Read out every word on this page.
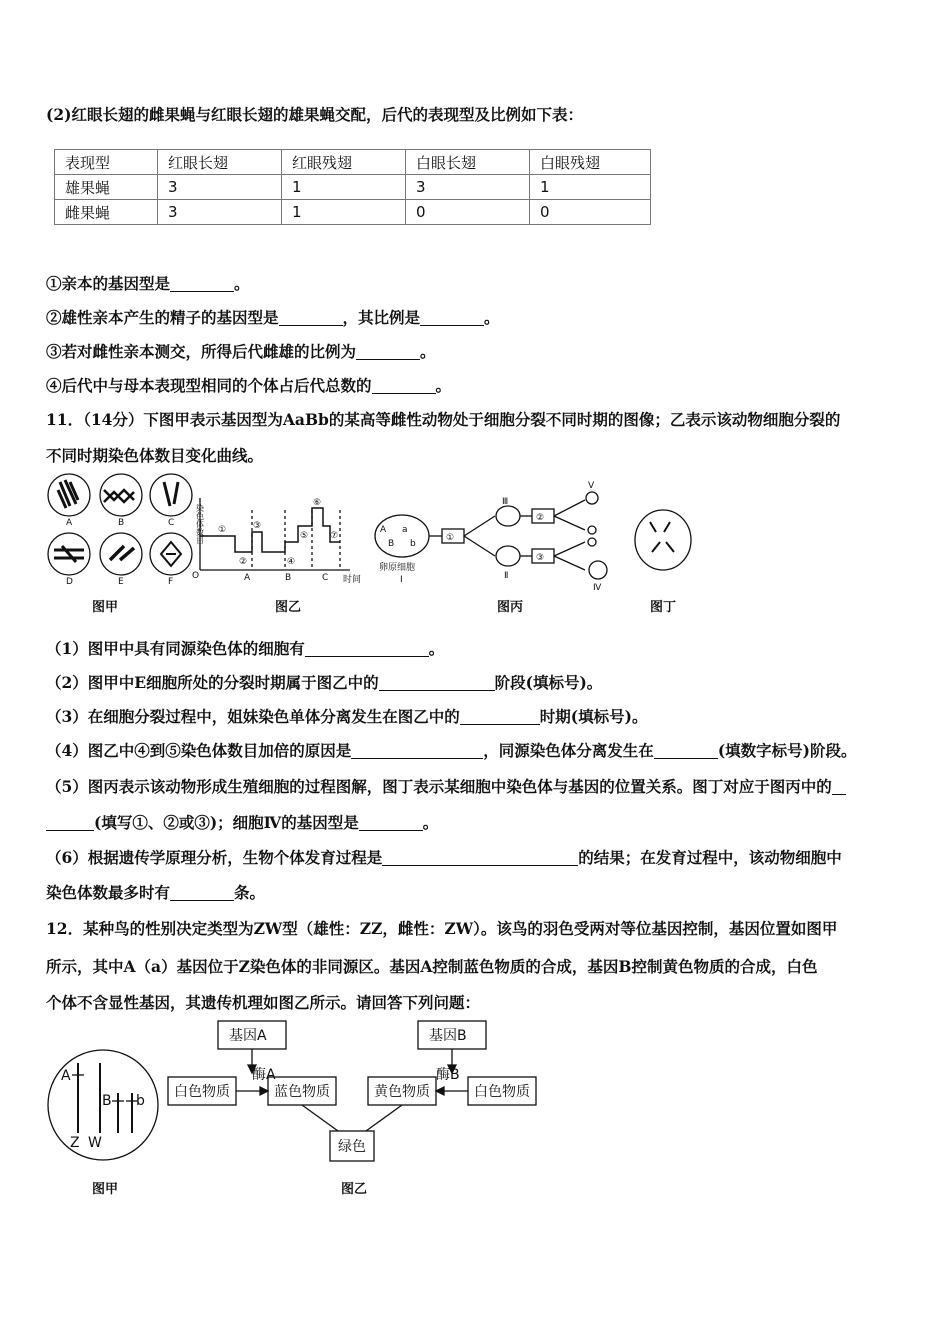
(2)红眼长翅的雌果蝇与红眼长翅的雄果蝇交配，后代的表现型及比例如下表：
表现型	红眼长翅	红眼残翅	白眼长翅	白眼残翅
雄果蝇	3	1	3	1
雌果蝇	3	1	0	0
①亲本的基因型是	。
②雄性亲本产生的精子的基因型是	，其比例是	。
③若对雌性亲本测交，所得后代雌雄的比例为	。
④后代中与母本表现型相同的个体占后代总数的	。
11．（14分）下图甲表示基因型为AaBb的某高等雌性动物处于细胞分裂不同时期的图像；乙表示该动物细胞分裂的
不同时期染色体数目变化曲线。
A	B	C
D	E	F
O	时间
①
②
③
④
⑤
⑥
⑦
A	B	C
A a
B b
卵原细胞
I
①
②
③
Ⅱ
Ⅲ
Ⅳ
V
染色体数目
图甲	图乙	图丙	图丁
（1）图甲中具有同源染色体的细胞有	。
（2）图甲中E细胞所处的分裂时期属于图乙中的	阶段(填标号)。
（3）在细胞分裂过程中，姐妹染色单体分离发生在图乙中的	时期(填标号)。
（4）图乙中④到⑤染色体数目加倍的原因是	，同源染色体分离发生在	(填数字标号)阶段。
（5）图丙表示该动物形成生殖细胞的过程图解，图丁表示某细胞中染色体与基因的位置关系。图丁对应于图丙中的
(填写①、②或③)；细胞Ⅳ的基因型是	。
（6）根据遗传学原理分析，生物个体发育过程是	的结果；在发育过程中，该动物细胞中
染色体数最多时有	条。
12．某种鸟的性别决定类型为ZW型（雄性：ZZ，雌性：ZW）。该鸟的羽色受两对等位基因控制，基因位置如图甲
所示，其中A（a）基因位于Z染色体的非同源区。基因A控制蓝色物质的合成，基因B控制黄色物质的合成，白色
个体不含显性基因，其遗传机理如图乙所示。请回答下列问题：
A
B b
Z W
基因A	基因B
酶A	酶B
白色物质	蓝色物质	黄色物质	白色物质
绿色
图甲	图乙
